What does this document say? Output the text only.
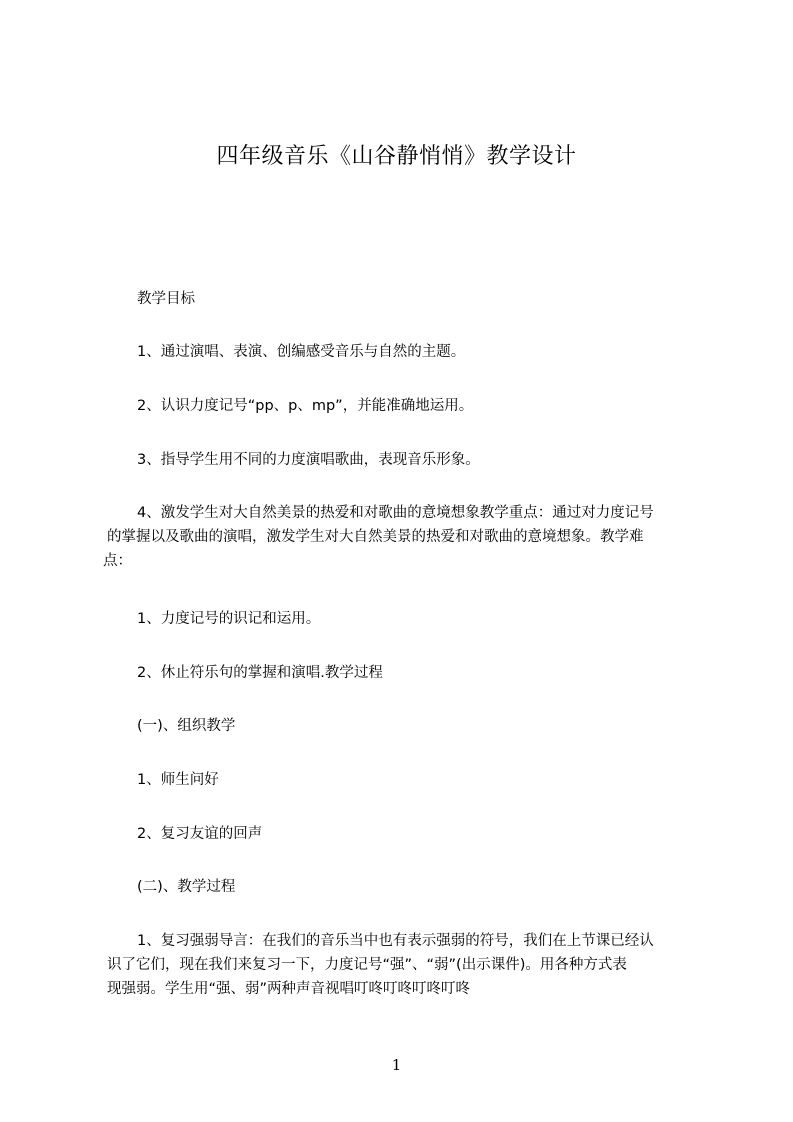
四年级音乐《山谷静悄悄》教学设计
教学目标
1、通过演唱、表演、创编感受音乐与自然的主题。
2、认识力度记号“pp、p、mp”，并能准确地运用。
3、指导学生用不同的力度演唱歌曲，表现音乐形象。
4、激发学生对大自然美景的热爱和对歌曲的意境想象教学重点：通过对力度记号
的掌握以及歌曲的演唱，激发学生对大自然美景的热爱和对歌曲的意境想象。教学难
点：
1、力度记号的识记和运用。
2、休止符乐句的掌握和演唱.教学过程
(一)、组织教学
1、师生问好
2、复习友谊的回声
(二)、教学过程
1、复习强弱导言：在我们的音乐当中也有表示强弱的符号，我们在上节课已经认
识了它们，现在我们来复习一下，力度记号“强”、“弱”(出示课件)。用各种方式表
现强弱。学生用“强、弱”两种声音视唱叮咚叮咚叮咚叮咚
1
